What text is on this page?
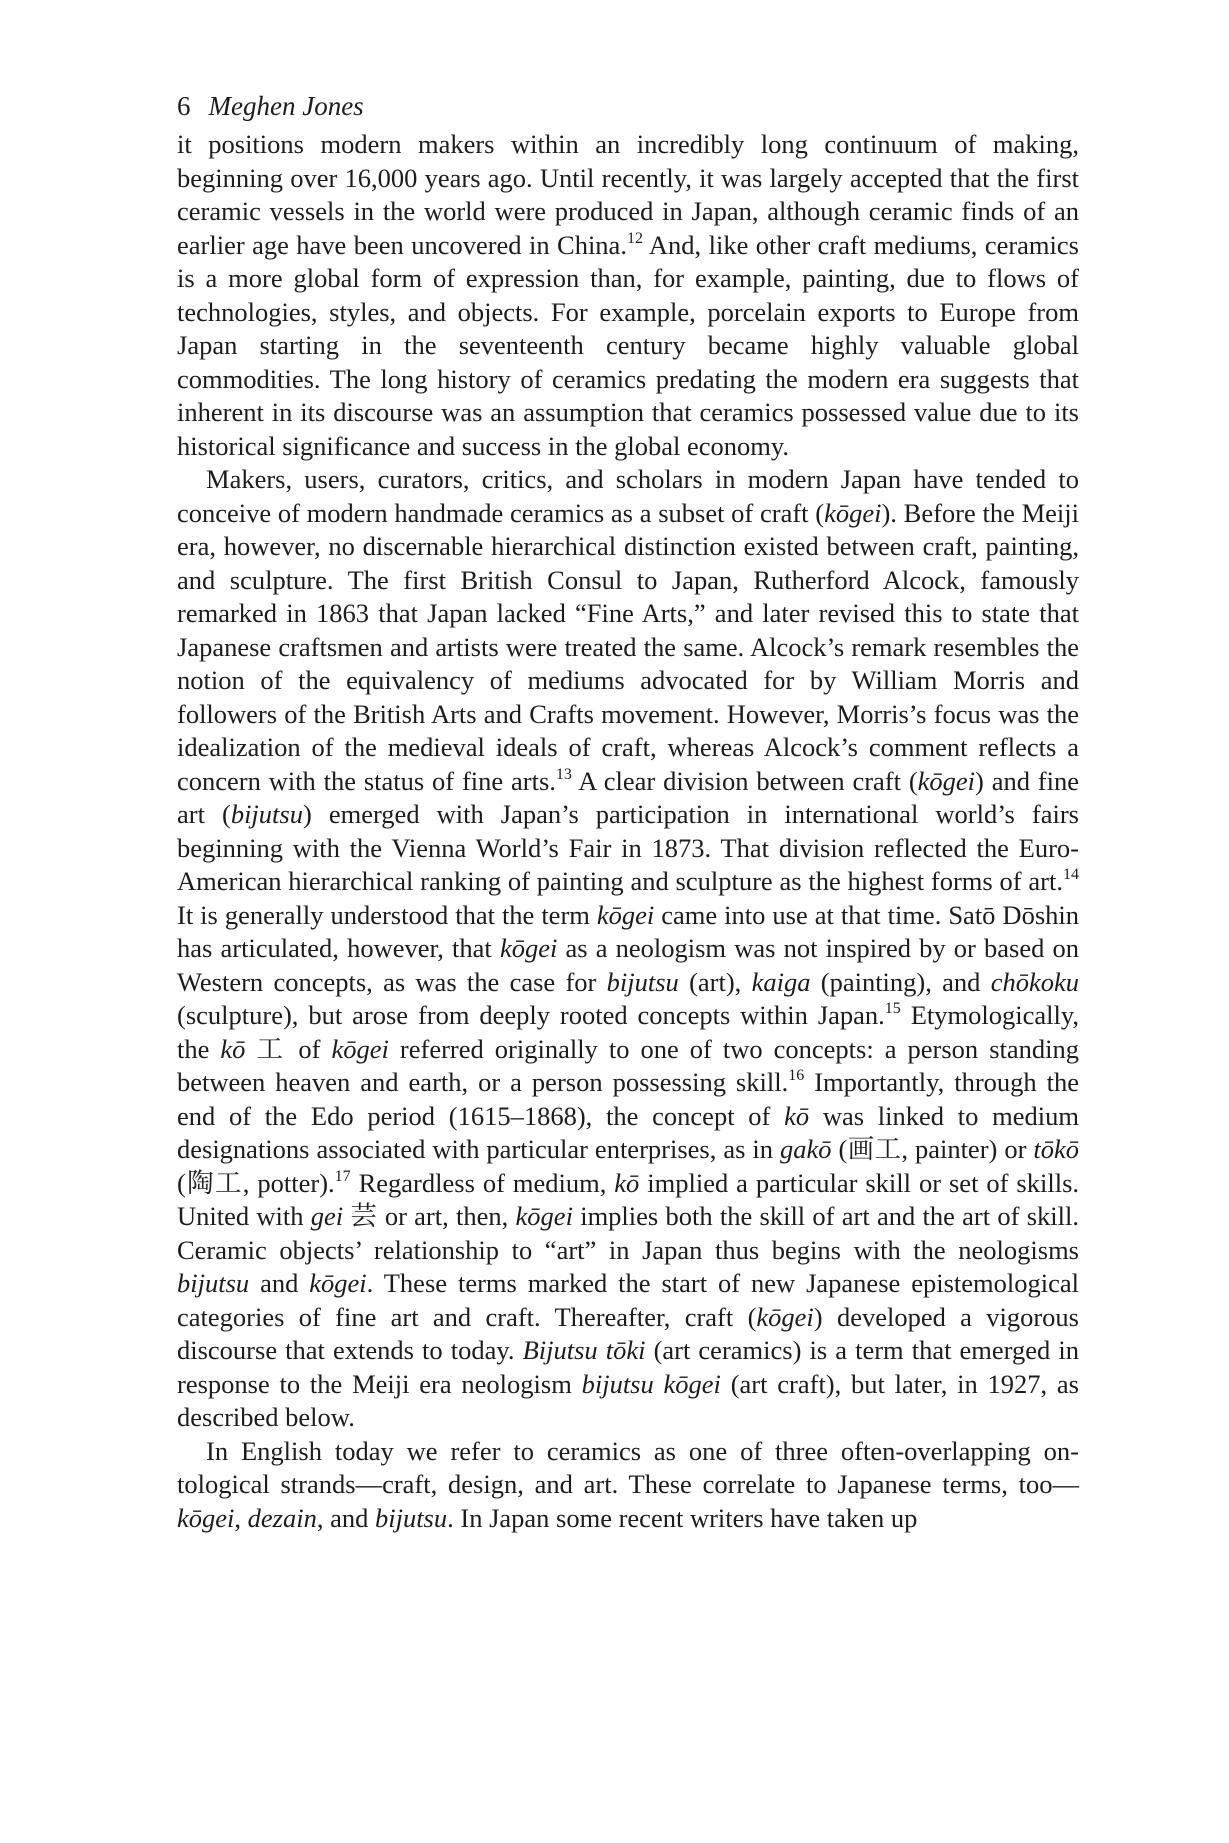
6 Meghen Jones

it positions modern makers within an incredibly long continuum of making, beginning over 16,000 years ago. Until recently, it was largely accepted that the first ceramic vessels in the world were produced in Japan, although ceramic finds of an earlier age have been uncovered in China.$^{12}$ And, like other craft mediums, ceramics is a more global form of expression than, for example, painting, due to flows of technologies, styles, and objects. For example, porcelain exports to Europe from Japan starting in the seventeenth century became highly valuable global commodities. The long history of ceramics predating the modern era suggests that inherent in its discourse was an assumption that ceramics possessed value due to its historical significance and success in the global economy.

Makers, users, curators, critics, and scholars in modern Japan have tended to conceive of modern handmade ceramics as a subset of craft (kōgei). Before the Meiji era, however, no discernable hierarchical distinction existed between craft, painting, and sculpture. The first British Consul to Japan, Rutherford Alcock, famously remarked in 1863 that Japan lacked “Fine Arts,” and later revised this to state that Japanese craftsmen and artists were treated the same. Alcock’s remark resembles the notion of the equivalency of mediums advocated for by William Morris and followers of the British Arts and Crafts movement. However, Morris’s focus was the idealization of the medieval ideals of craft, whereas Alcock’s comment reflects a concern with the status of fine arts.$^{13}$ A clear division between craft (kōgei) and fine art (bijutsu) emerged with Japan’s participation in international world’s fairs beginning with the Vienna World’s Fair in 1873. That division reflected the Euro-American hierarchical ranking of painting and sculpture as the highest forms of art.$^{14}$ It is generally understood that the term kōgei came into use at that time. Satō Dōshin has articulated, however, that kōgei as a neologism was not inspired by or based on Western concepts, as was the case for bijutsu (art), kaiga (painting), and chōkoku (sculpture), but arose from deeply rooted concepts within Japan.$^{15}$ Etymologically, the kō 工 of kōgei referred originally to one of two concepts: a person standing between heaven and earth, or a person possessing skill.$^{16}$ Importantly, through the end of the Edo period (1615–1868), the concept of kō was linked to medium designations associated with particular enterprises, as in gakō (画工, painter) or tōkō (陶工, potter).$^{17}$ Regardless of medium, kō implied a particular skill or set of skills. United with gei 芸 or art, then, kōgei implies both the skill of art and the art of skill. Ceramic objects’ relationship to “art” in Japan thus begins with the neologisms bijutsu and kōgei. These terms marked the start of new Japanese epistemological categories of fine art and craft. Thereafter, craft (kōgei) developed a vigorous discourse that extends to today. Bijutsu tōki (art ceramics) is a term that emerged in response to the Meiji era neologism bijutsu kōgei (art craft), but later, in 1927, as described below.

In English today we refer to ceramics as one of three often-overlapping ontological strands—craft, design, and art. These correlate to Japanese terms, too—kōgei, dezain, and bijutsu. In Japan some recent writers have taken up
